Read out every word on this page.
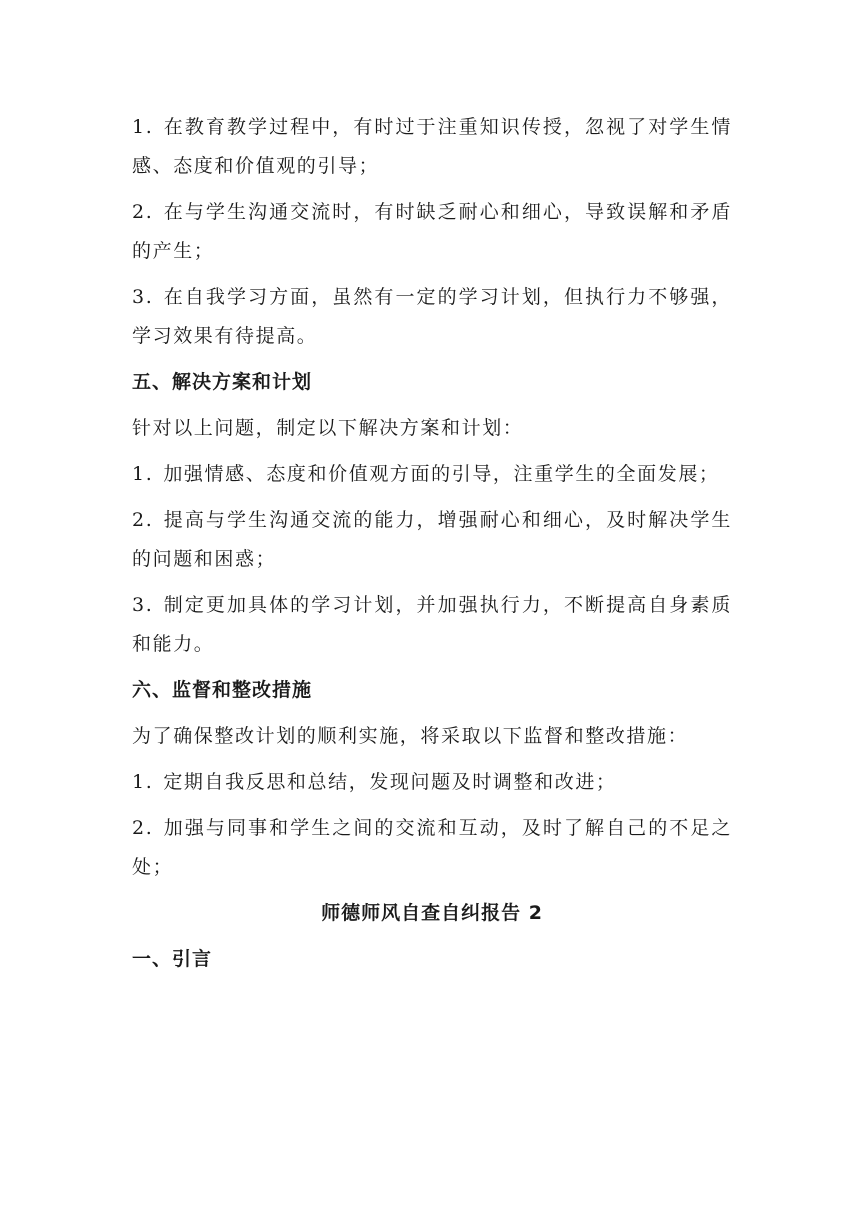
1. 在教育教学过程中，有时过于注重知识传授，忽视了对学生情

感、态度和价值观的引导；

2. 在与学生沟通交流时，有时缺乏耐心和细心，导致误解和矛盾

的产生；

3. 在自我学习方面，虽然有一定的学习计划，但执行力不够强，

学习效果有待提高。

五、解决方案和计划

针对以上问题，制定以下解决方案和计划：

1. 加强情感、态度和价值观方面的引导，注重学生的全面发展；

2. 提高与学生沟通交流的能力，增强耐心和细心，及时解决学生

的问题和困惑；

3. 制定更加具体的学习计划，并加强执行力，不断提高自身素质

和能力。

六、监督和整改措施

为了确保整改计划的顺利实施，将采取以下监督和整改措施：

1. 定期自我反思和总结，发现问题及时调整和改进；

2. 加强与同事和学生之间的交流和互动，及时了解自己的不足之

处；

师德师风自查自纠报告 2

一、引言
